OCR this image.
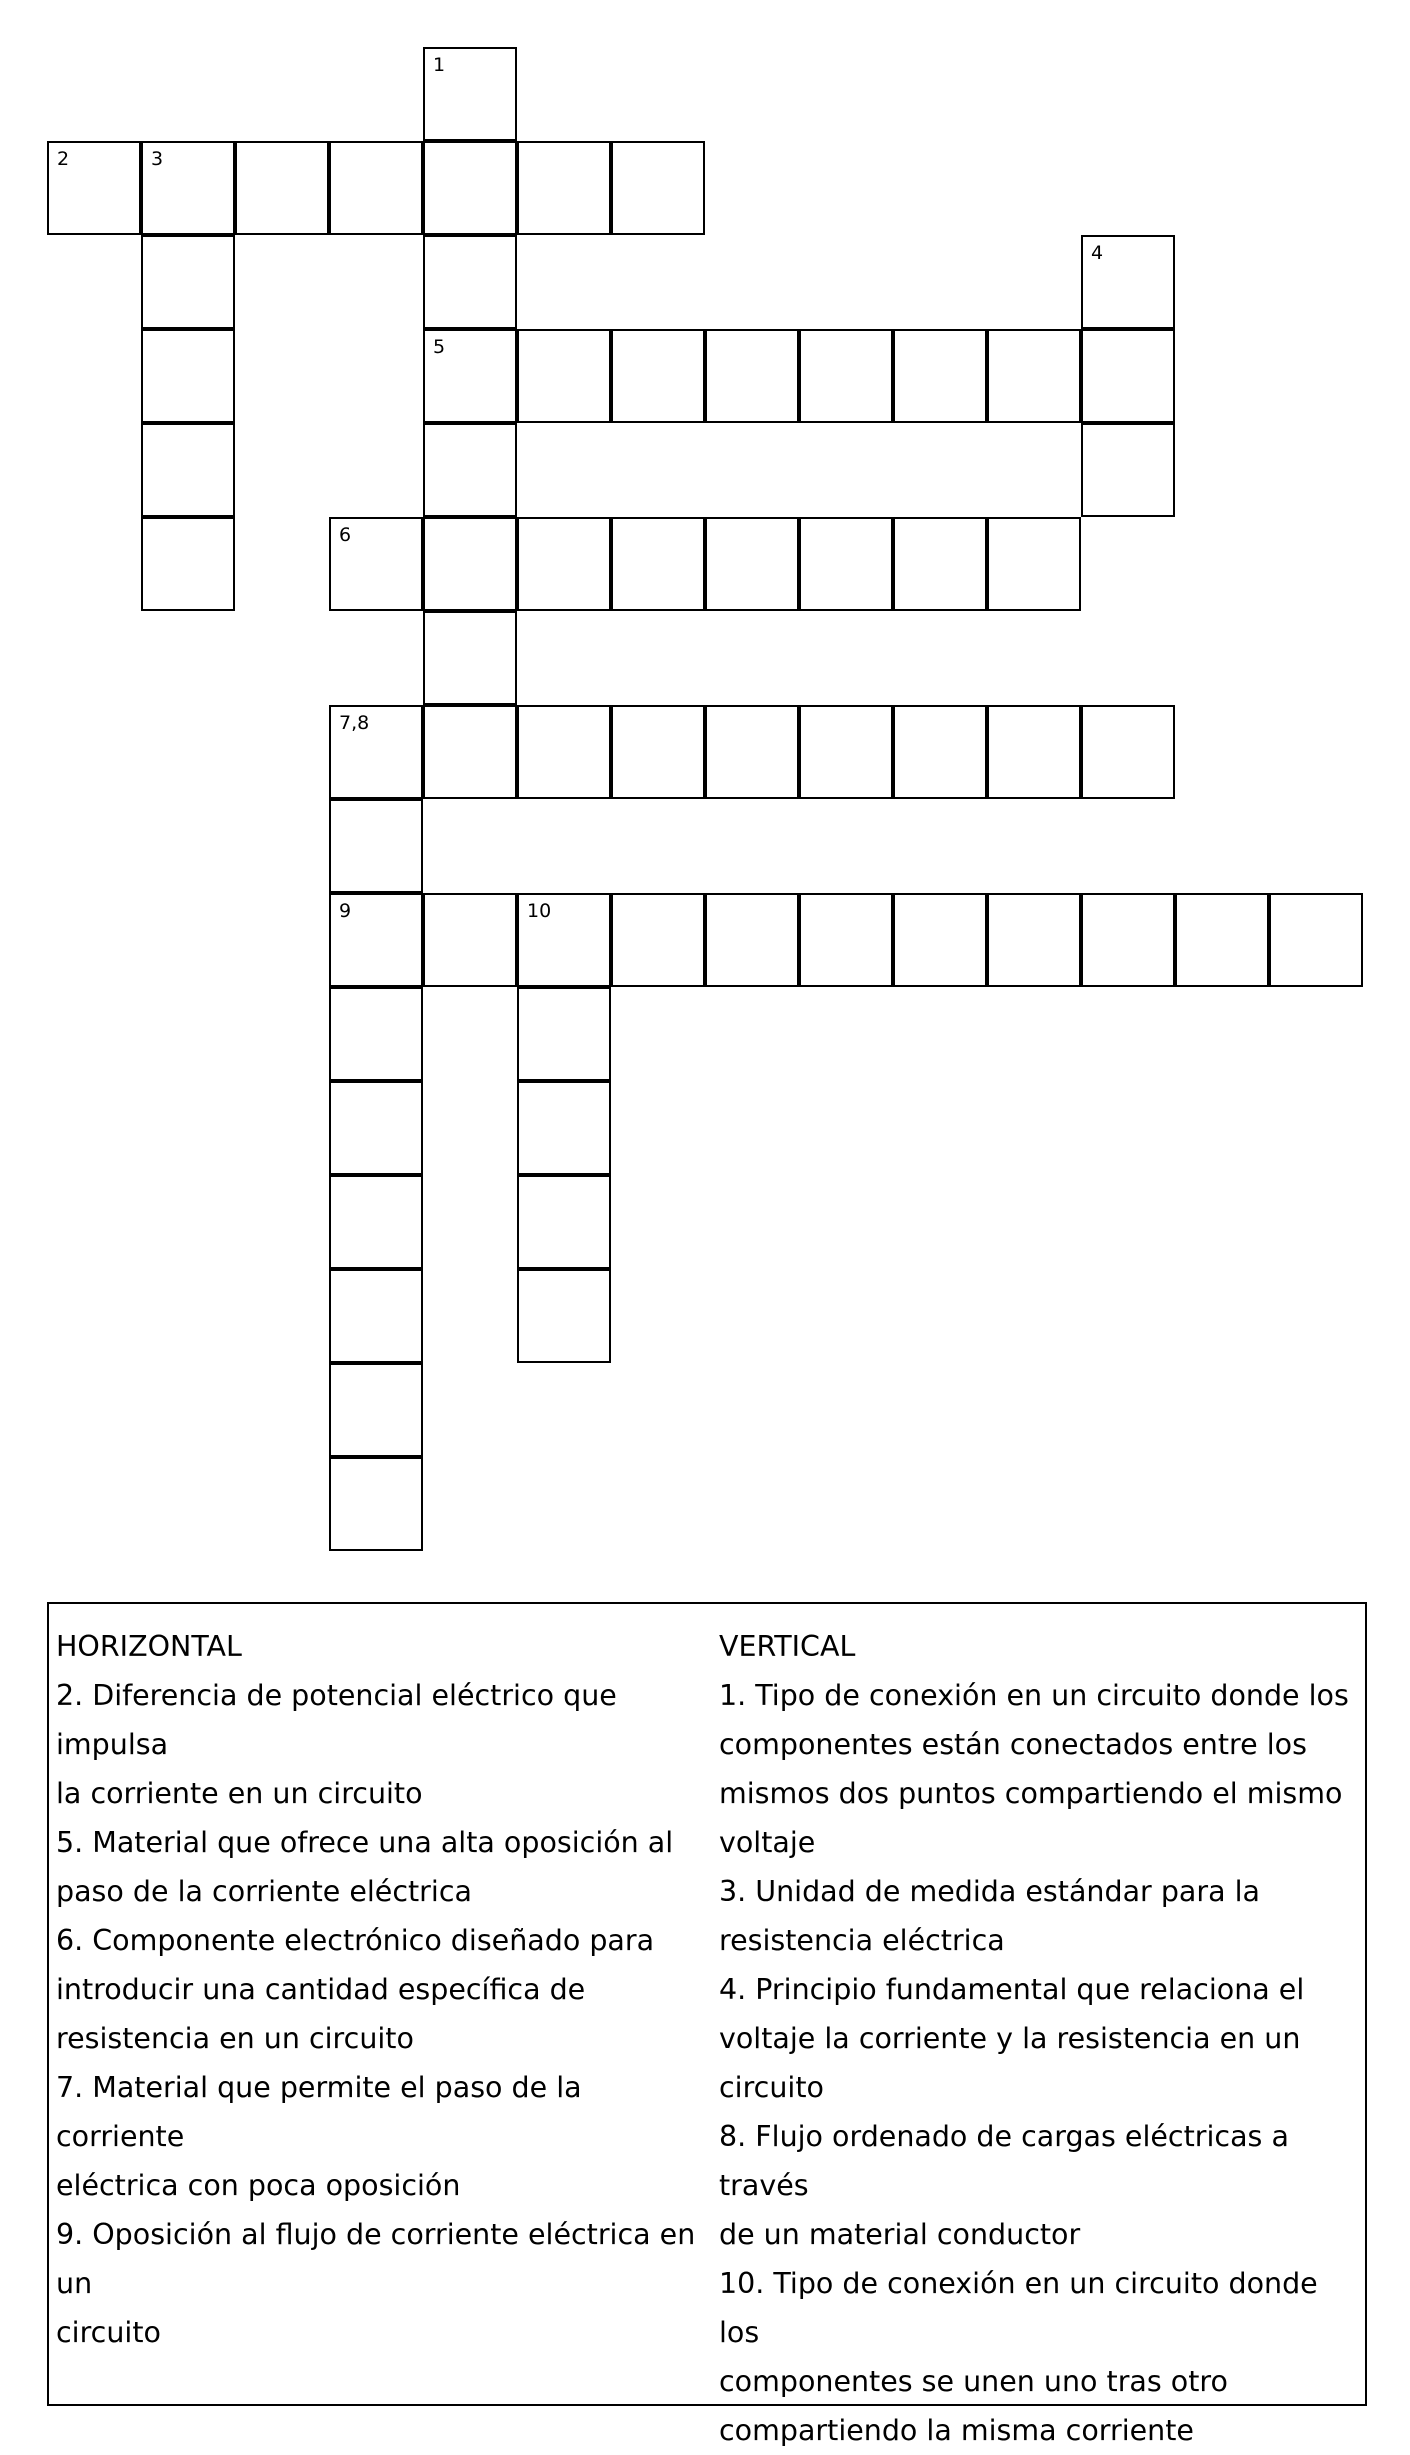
1
2	3
4
5
6
7,8
9	10
HORIZONTAL
2. Diferencia de potencial eléctrico que impulsa
la corriente en un circuito
5. Material que ofrece una alta oposición al
paso de la corriente eléctrica
6. Componente electrónico diseñado para
introducir una cantidad específica de
resistencia en un circuito
7. Material que permite el paso de la corriente
eléctrica con poca oposición
9. Oposición al flujo de corriente eléctrica en un
circuito
VERTICAL
1. Tipo de conexión en un circuito donde los
componentes están conectados entre los
mismos dos puntos compartiendo el mismo
voltaje
3. Unidad de medida estándar para la
resistencia eléctrica
4. Principio fundamental que relaciona el
voltaje la corriente y la resistencia en un
circuito
8. Flujo ordenado de cargas eléctricas a través
de un material conductor
10. Tipo de conexión en un circuito donde los
componentes se unen uno tras otro
compartiendo la misma corriente
